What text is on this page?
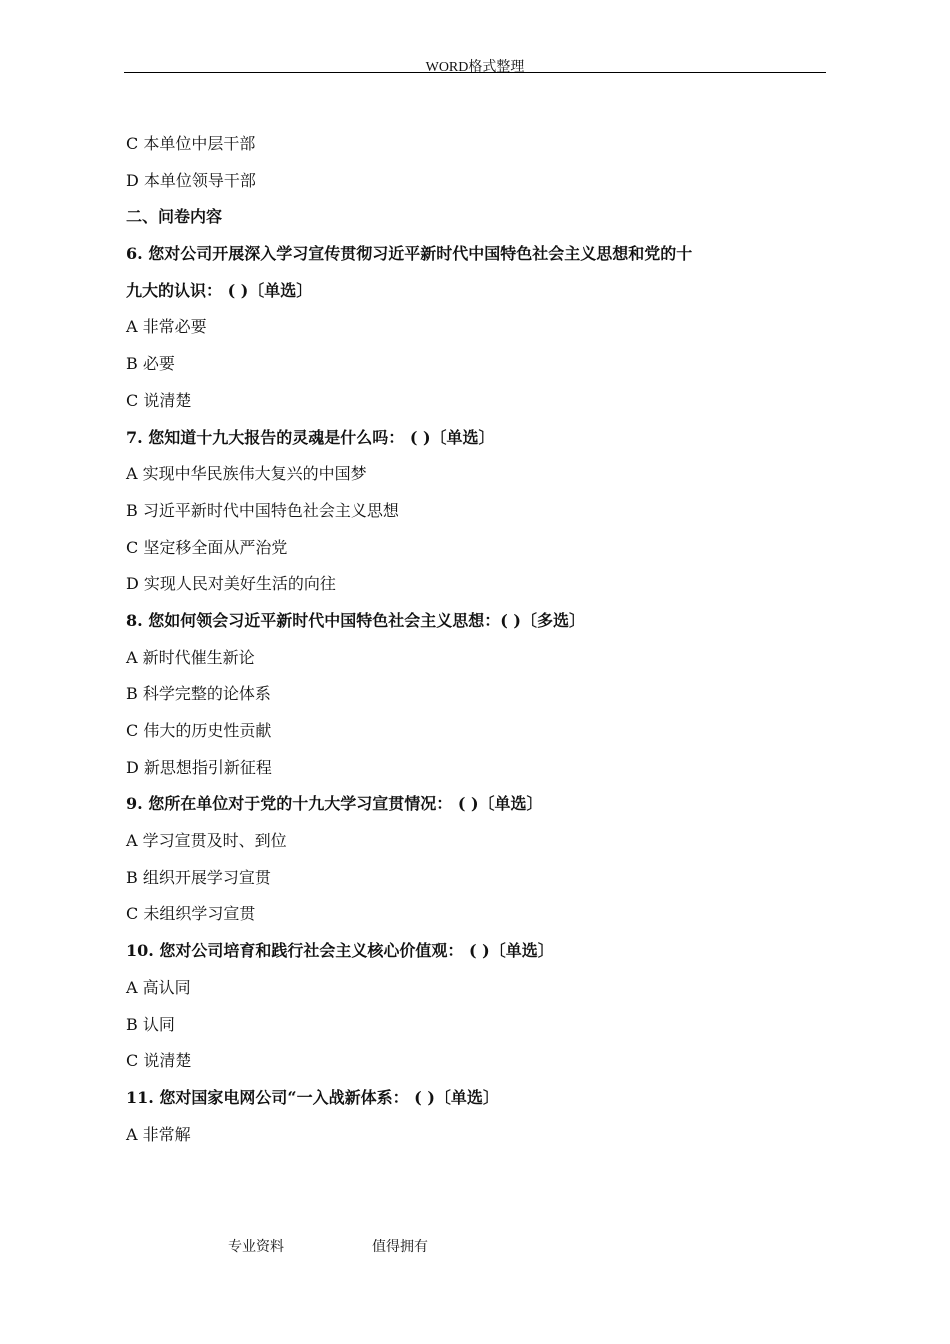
WORD格式整理
C 本单位中层干部
D 本单位领导干部
二、问卷内容
6. 您对公司开展深入学习宣传贯彻习近平新时代中国特色社会主义思想和党的十
九大的认识： ( )〔单选〕
A 非常必要
B 必要
C 说清楚
7. 您知道十九大报告的灵魂是什么吗： ( )〔单选〕
A 实现中华民族伟大复兴的中国梦
B 习近平新时代中国特色社会主义思想
C 坚定移全面从严治党
D 实现人民对美好生活的向往
8. 您如何领会习近平新时代中国特色社会主义思想：( )〔多选〕
A 新时代催生新论
B 科学完整的论体系
C 伟大的历史性贡献
D 新思想指引新征程
9. 您所在单位对于党的十九大学习宣贯情况： ( )〔单选〕
A 学习宣贯及时、到位
B 组织开展学习宣贯
C 未组织学习宣贯
10. 您对公司培育和践行社会主义核心价值观： ( )〔单选〕
A 高认同
B 认同
C 说清楚
11. 您对国家电网公司“一入战新体系： ( )〔单选〕
A 非常解
专业资料	值得拥有
